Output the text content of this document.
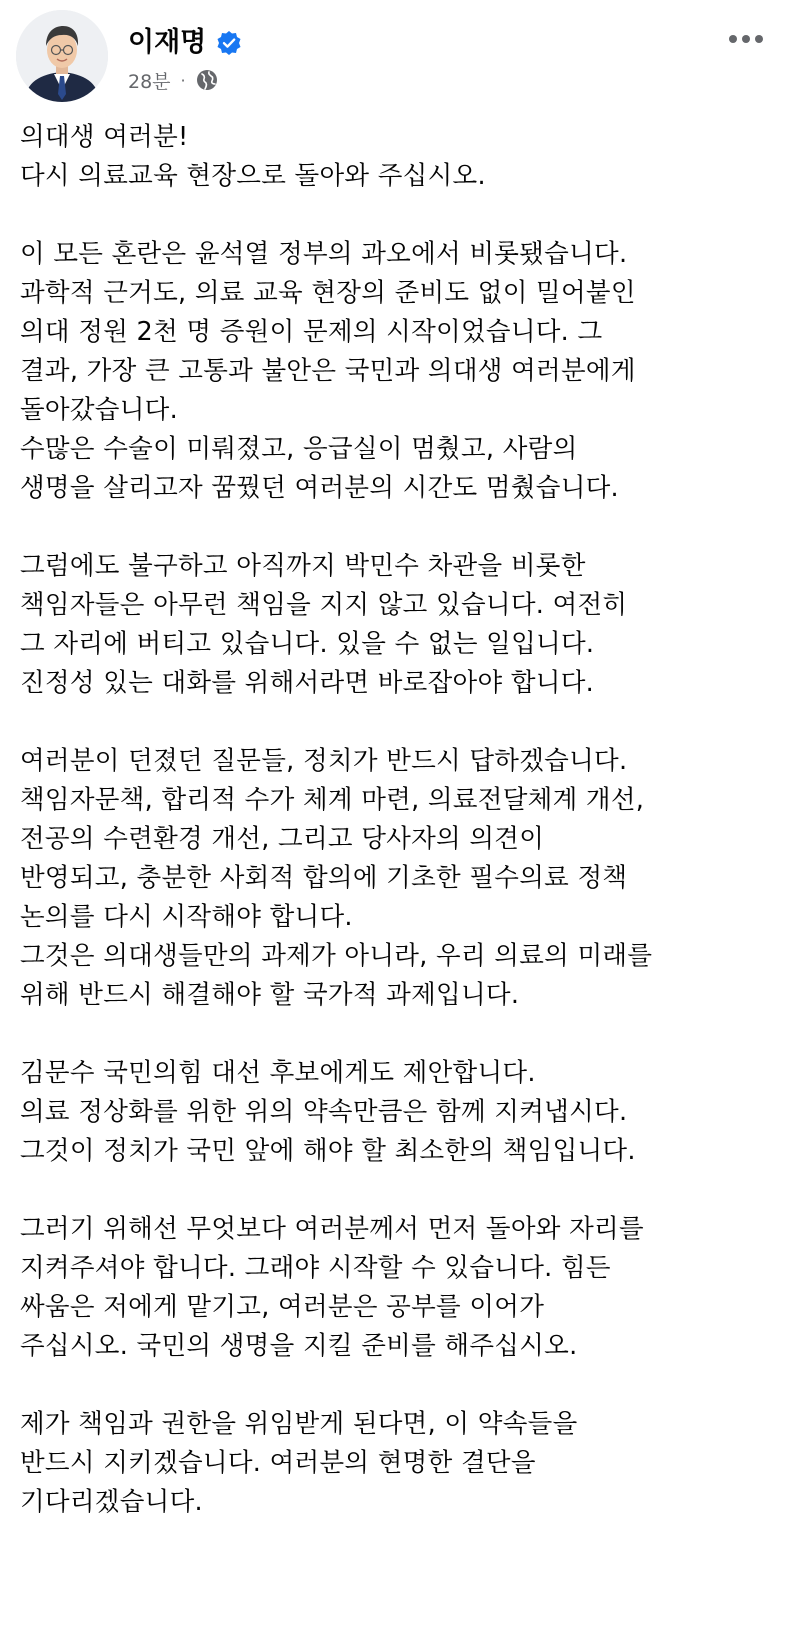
이재명
28분 ·
의대생 여러분!
다시 의료교육 현장으로 돌아와 주십시오.
이 모든 혼란은 윤석열 정부의 과오에서 비롯됐습니다.
과학적 근거도, 의료 교육 현장의 준비도 없이 밀어붙인
의대 정원 2천 명 증원이 문제의 시작이었습니다. 그
결과, 가장 큰 고통과 불안은 국민과 의대생 여러분에게
돌아갔습니다.
수많은 수술이 미뤄졌고, 응급실이 멈췄고, 사람의
생명을 살리고자 꿈꿨던 여러분의 시간도 멈췄습니다.
그럼에도 불구하고 아직까지 박민수 차관을 비롯한
책임자들은 아무런 책임을 지지 않고 있습니다. 여전히
그 자리에 버티고 있습니다. 있을 수 없는 일입니다.
진정성 있는 대화를 위해서라면 바로잡아야 합니다.
여러분이 던졌던 질문들, 정치가 반드시 답하겠습니다.
책임자문책, 합리적 수가 체계 마련, 의료전달체계 개선,
전공의 수련환경 개선, 그리고 당사자의 의견이
반영되고, 충분한 사회적 합의에 기초한 필수의료 정책
논의를 다시 시작해야 합니다.
그것은 의대생들만의 과제가 아니라, 우리 의료의 미래를
위해 반드시 해결해야 할 국가적 과제입니다.
김문수 국민의힘 대선 후보에게도 제안합니다.
의료 정상화를 위한 위의 약속만큼은 함께 지켜냅시다.
그것이 정치가 국민 앞에 해야 할 최소한의 책임입니다.
그러기 위해선 무엇보다 여러분께서 먼저 돌아와 자리를
지켜주셔야 합니다. 그래야 시작할 수 있습니다. 힘든
싸움은 저에게 맡기고, 여러분은 공부를 이어가
주십시오. 국민의 생명을 지킬 준비를 해주십시오.
제가 책임과 권한을 위임받게 된다면, 이 약속들을
반드시 지키겠습니다. 여러분의 현명한 결단을
기다리겠습니다.
